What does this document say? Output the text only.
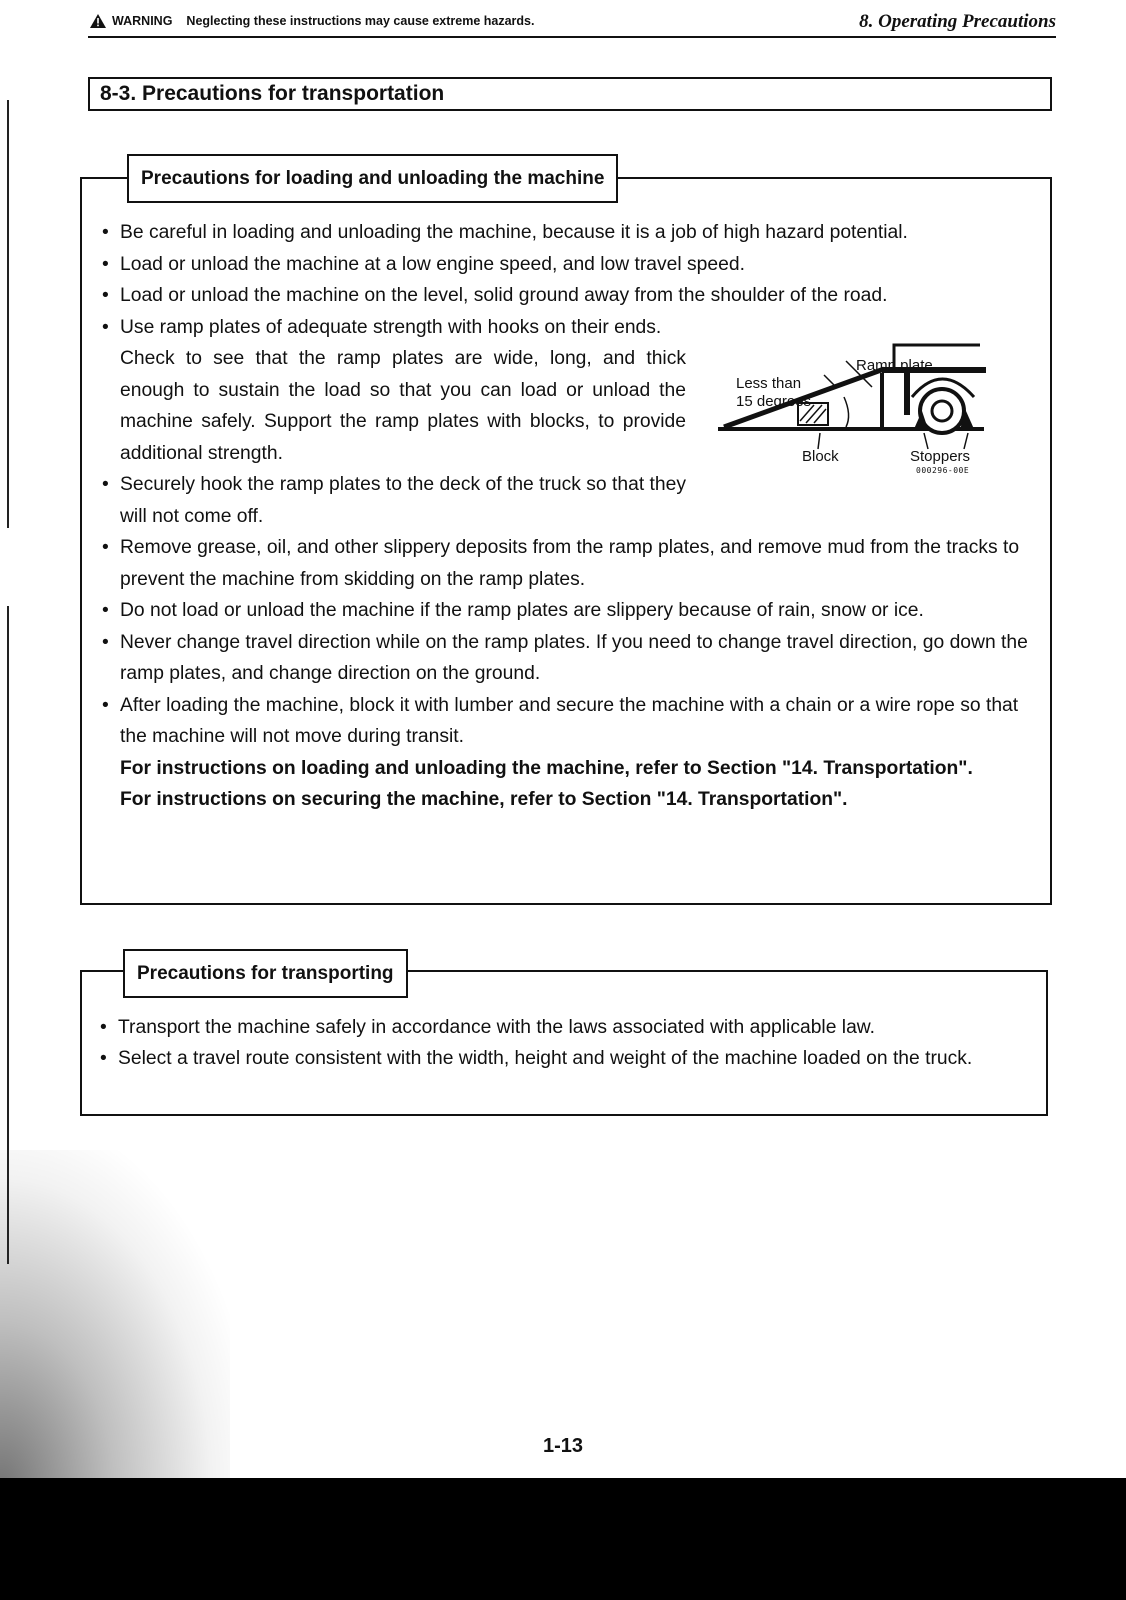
WARNING Neglecting these instructions may cause extreme hazards.	8. Operating Precautions
8-3. Precautions for transportation
Precautions for loading and unloading the machine
• Be careful in loading and unloading the machine, because it is a job of high hazard potential.
• Load or unload the machine at a low engine speed, and low travel speed.
• Load or unload the machine on the level, solid ground away from the shoulder of the road.
• Use ramp plates of adequate strength with hooks on their ends.

Check to see that the ramp plates are wide, long, and thick enough to sustain the load so that you can load or unload the machine safely. Support the ramp plates with blocks, to provide additional strength.

• Securely hook the ramp plates to the deck of the truck so that they will not come off.
• Remove grease, oil, and other slippery deposits from the ramp plates, and remove mud from the tracks to prevent the machine from skidding on the ramp plates.
• Do not load or unload the machine if the ramp plates are slippery because of rain, snow or ice.
• Never change travel direction while on the ramp plates. If you need to change travel direction, go down the ramp plates, and change direction on the ground.
• After loading the machine, block it with lumber and secure the machine with a chain or a wire rope so that the machine will not move during transit.

For instructions on loading and unloading the machine, refer to Section "14. Transportation".

For instructions on securing the machine, refer to Section "14. Transportation".

Ramp plate
Less than
15 degrees
Block	Stoppers
000296-00E
Precautions for transporting
• Transport the machine safely in accordance with the laws associated with applicable law.
• Select a travel route consistent with the width, height and weight of the machine loaded on the truck.
1-13
